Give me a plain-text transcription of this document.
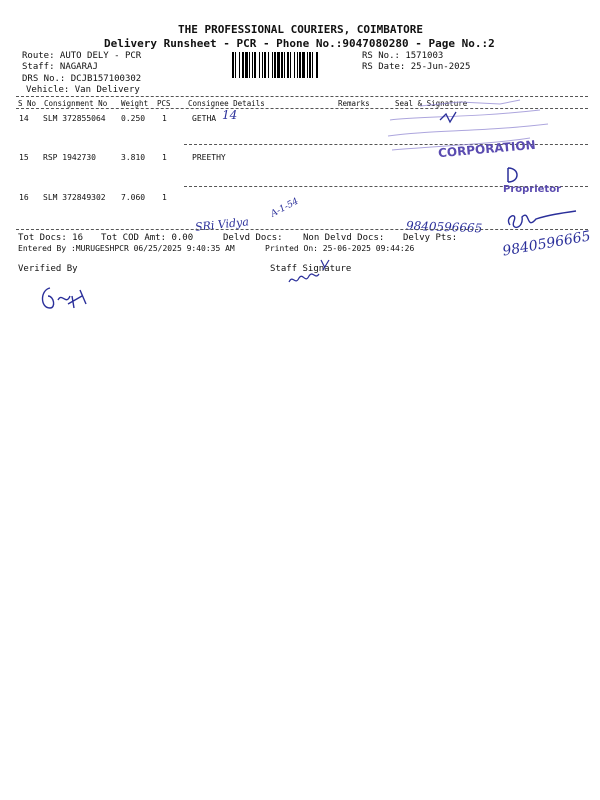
THE PROFESSIONAL COURIERS, COIMBATORE
Delivery Runsheet - PCR - Phone No.:9047080280 - Page No.:2
Route: AUTO DELY - PCR
Staff: NAGARAJ
DRS No.: DCJB157100302
Vehicle: Van Delivery
RS No.: 1571003
RS Date: 25-Jun-2025
S No Consignment No Weight PCS Consignee Details	Remarks	Seal & Signature
14 SLM 372855064 0.250 1	GETHA 14
15 RSP 1942730	3.810 1	PREETHY
16 SLM 372849302 7.060 1
SRi Vidya
A-1-54
9840596665
9840596665
CORPORATION
Proprietor
Tot Docs: 16 Tot COD Amt: 0.00	Delvd Docs: Non Delvd Docs: Delvy Pts:
Entered By :MURUGESHPCR 06/25/2025 9:40:35 AM	Printed On: 25-06-2025 09:44:26
Verified By	Staff Signature
